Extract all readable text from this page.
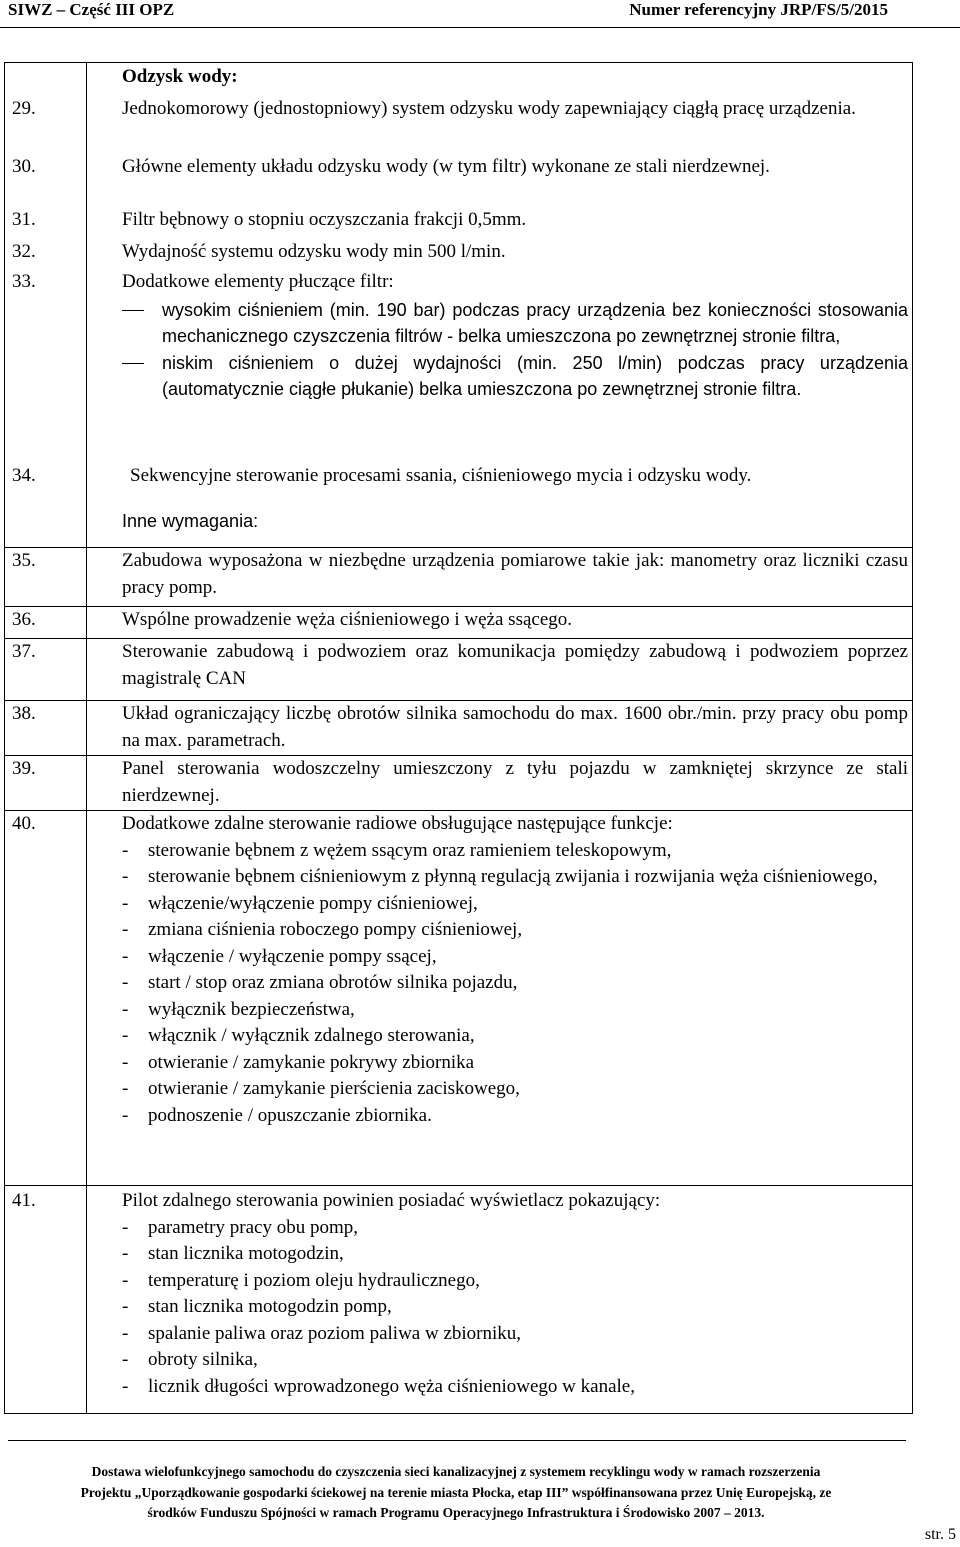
SIWZ – Część III OPZ	Numer referencyjny JRP/FS/5/2015
Odzysk wody:
29.	Jednokomorowy (jednostopniowy) system odzysku wody zapewniający ciągłą pracę urządzenia.
30.	Główne elementy układu odzysku wody (w tym filtr) wykonane ze stali nierdzewnej.
31.	Filtr bębnowy o stopniu oczyszczania frakcji 0,5mm.
32.	Wydajność systemu odzysku wody min 500 l/min.
33.	Dodatkowe elementy płuczące filtr:
wysokim ciśnieniem (min. 190 bar) podczas pracy urządzenia bez konieczności stosowania mechanicznego czyszczenia filtrów - belka umieszczona po zewnętrznej stronie filtra,
niskim ciśnieniem o dużej wydajności (min. 250 l/min) podczas pracy urządzenia (automatycznie ciągłe płukanie) belka umieszczona po zewnętrznej stronie filtra.
34.	Sekwencyjne sterowanie procesami ssania, ciśnieniowego mycia i odzysku wody.
Inne wymagania:
35.	Zabudowa wyposażona w niezbędne urządzenia pomiarowe takie jak: manometry oraz liczniki czasu pracy pomp.
36.	Wspólne prowadzenie węża ciśnieniowego i węża ssącego.
37.	Sterowanie zabudową i podwoziem oraz komunikacja pomiędzy zabudową i podwoziem poprzez magistralę CAN
38.	Układ ograniczający liczbę obrotów silnika samochodu do max. 1600 obr./min. przy pracy obu pomp na max. parametrach.
39.	Panel sterowania wodoszczelny umieszczony z tyłu pojazdu w zamkniętej skrzynce ze stali nierdzewnej.
40.	Dodatkowe zdalne sterowanie radiowe obsługujące następujące funkcje:
- sterowanie bębnem z wężem ssącym oraz ramieniem teleskopowym,
- sterowanie bębnem ciśnieniowym z płynną regulacją zwijania i rozwijania węża ciśnieniowego,
- włączenie/wyłączenie pompy ciśnieniowej,
- zmiana ciśnienia roboczego pompy ciśnieniowej,
- włączenie / wyłączenie pompy ssącej,
- start / stop oraz zmiana obrotów silnika pojazdu,
- wyłącznik bezpieczeństwa,
- włącznik / wyłącznik zdalnego sterowania,
- otwieranie / zamykanie pokrywy zbiornika
- otwieranie / zamykanie pierścienia zaciskowego,
- podnoszenie / opuszczanie zbiornika.
41.	Pilot zdalnego sterowania powinien posiadać wyświetlacz pokazujący:
- parametry pracy obu pomp,
- stan licznika motogodzin,
- temperaturę i poziom oleju hydraulicznego,
- stan licznika motogodzin pomp,
- spalanie paliwa oraz poziom paliwa w zbiorniku,
- obroty silnika,
- licznik długości wprowadzonego węża ciśnieniowego w kanale,
Dostawa wielofunkcyjnego samochodu do czyszczenia sieci kanalizacyjnej z systemem recyklingu wody w ramach rozszerzenia
Projektu „Uporządkowanie gospodarki ściekowej na terenie miasta Płocka, etap III” współfinansowana przez Unię Europejską, ze
środków Funduszu Spójności w ramach Programu Operacyjnego Infrastruktura i Środowisko 2007 – 2013.
str. 5
